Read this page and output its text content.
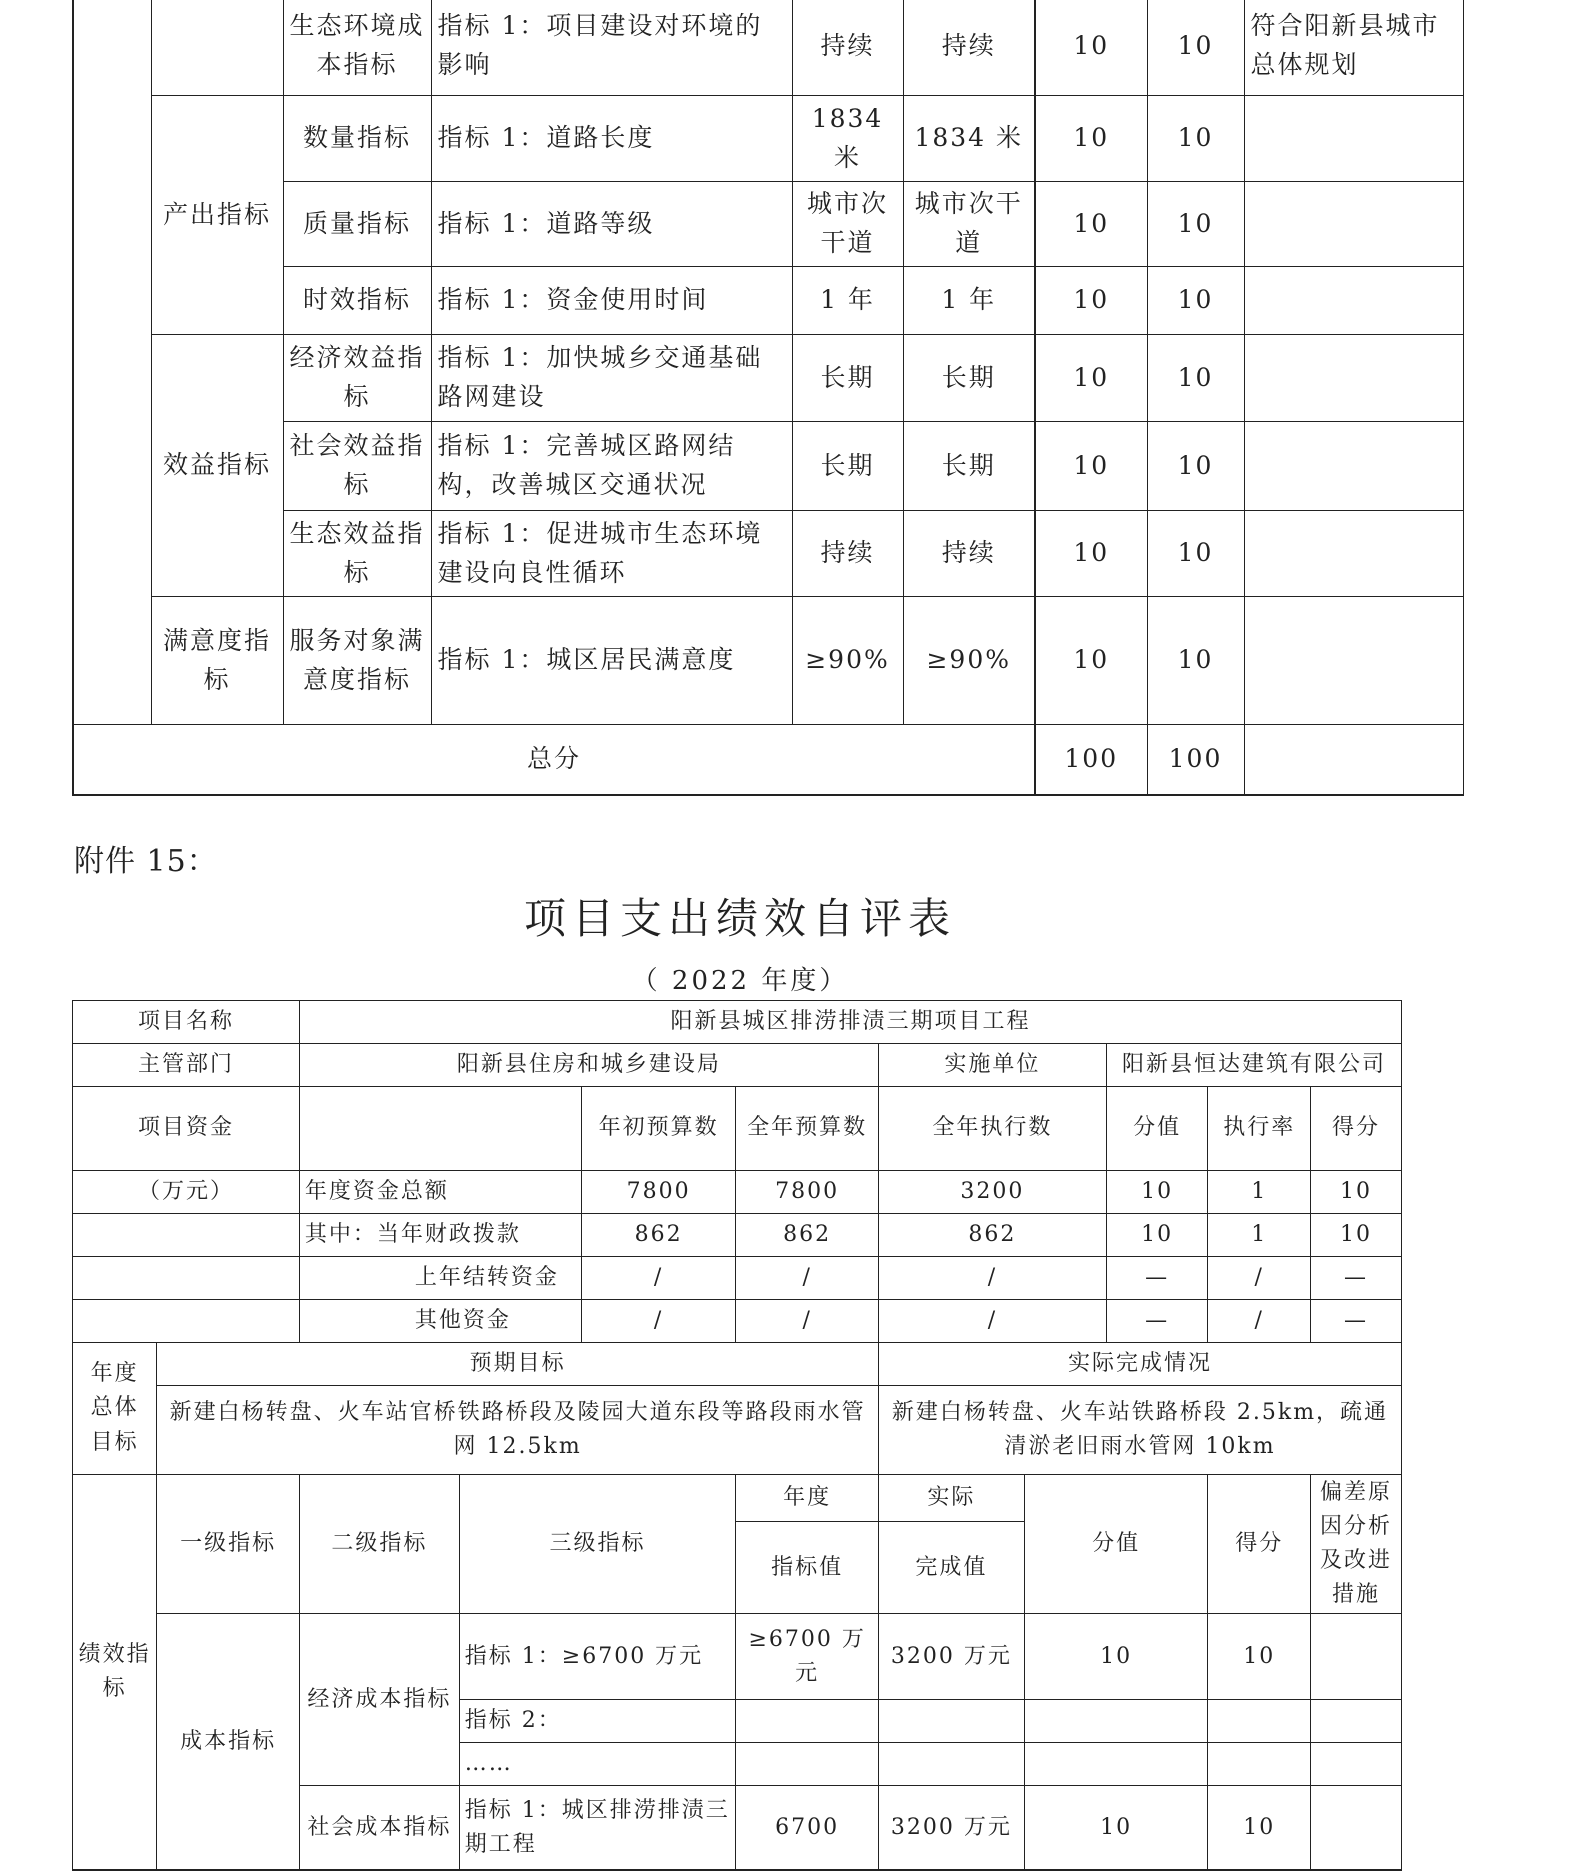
		生态环境成本指标	指标 1：项目建设对环境的影响	持续	持续	10	10	符合阳新县城市总体规划
	产出指标	数量指标	指标 1：道路长度	1834 米	1834 米	10	10	
		质量指标	指标 1：道路等级	城市次干道	城市次干道	10	10	
		时效指标	指标 1：资金使用时间	1 年	1 年	10	10	
	效益指标	经济效益指标	指标 1：加快城乡交通基础路网建设	长期	长期	10	10	
		社会效益指标	指标 1：完善城区路网结构，改善城区交通状况	长期	长期	10	10	
		生态效益指标	指标 1：促进城市生态环境建设向良性循环	持续	持续	10	10	
	满意度指标	服务对象满意度指标	指标 1：城区居民满意度	≥90%	≥90%	10	10	
总分						100	100	
附件 15：
项目支出绩效自评表
（ 2022 年度）
项目名称		阳新县城区排涝排渍三期项目工程								
主管部门		阳新县住房和城乡建设局				实施单位		阳新县恒达建筑有限公司		
项目资金				年初预算数	全年预算数	全年执行数		分值	执行率	得分
（万元）		年度资金总额		7800	7800	3200		10	1	10
		其中：当年财政拨款		862	862	862		10	1	10
		上年结转资金		/	/	/		—	/	—
		其他资金		/	/	/		—	/	—
年度总体目标	预期目标					实际完成情况				
	新建白杨转盘、火车站官桥铁路桥段及陵园大道东段等路段雨水管网 12.5km					新建白杨转盘、火车站铁路桥段 2.5km，疏通清淤老旧雨水管网 10km				
绩效指标	一级指标	二级指标	三级指标		年度	实际	分值		得分	偏差原因分析及改进措施
					指标值	完成值				
	成本指标	经济成本指标	指标 1：≥6700 万元		≥6700 万元	3200 万元	10		10	
			指标 2：							
			……							
		社会成本指标	指标 1：城区排涝排渍三期工程		6700	3200 万元	10		10	
